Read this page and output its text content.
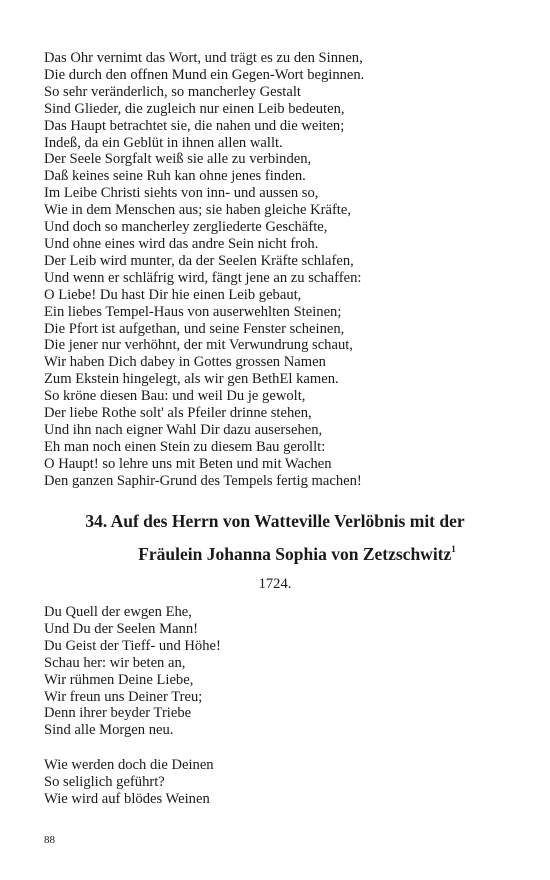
Das Ohr vernimt das Wort, und trägt es zu den Sinnen,
Die durch den offnen Mund ein Gegen-Wort beginnen.
So sehr veränderlich, so mancherley Gestalt
Sind Glieder, die zugleich nur einen Leib bedeuten,
Das Haupt betrachtet sie, die nahen und die weiten;
Indeß, da ein Geblüt in ihnen allen wallt.
Der Seele Sorgfalt weiß sie alle zu verbinden,
Daß keines seine Ruh kan ohne jenes finden.
Im Leibe Christi siehts von inn- und aussen so,
Wie in dem Menschen aus; sie haben gleiche Kräfte,
Und doch so mancherley zergliederte Geschäfte,
Und ohne eines wird das andre Sein nicht froh.
Der Leib wird munter, da der Seelen Kräfte schlafen,
Und wenn er schläfrig wird, fängt jene an zu schaffen:
O Liebe! Du hast Dir hie einen Leib gebaut,
Ein liebes Tempel-Haus von auserwehlten Steinen;
Die Pfort ist aufgethan, und seine Fenster scheinen,
Die jener nur verhöhnt, der mit Verwundrung schaut,
Wir haben Dich dabey in Gottes grossen Namen
Zum Ekstein hingelegt, als wir gen BethEl kamen.
So kröne diesen Bau: und weil Du je gewolt,
Der liebe Rothe solt' als Pfeiler drinne stehen,
Und ihn nach eigner Wahl Dir dazu ausersehen,
Eh man noch einen Stein zu diesem Bau gerollt:
O Haupt! so lehre uns mit Beten und mit Wachen
Den ganzen Saphir-Grund des Tempels fertig machen!
34. Auf des Herrn von Watteville Verlöbnis mit der
Fräulein Johanna Sophia von Zetzschwitz$^1$
1724.
Du Quell der ewgen Ehe,
Und Du der Seelen Mann!
Du Geist der Tieff- und Höhe!
Schau her: wir beten an,
Wir rühmen Deine Liebe,
Wir freun uns Deiner Treu;
Denn ihrer beyder Triebe
Sind alle Morgen neu.
Wie werden doch die Deinen
So seliglich geführt?
Wie wird auf blödes Weinen
88
